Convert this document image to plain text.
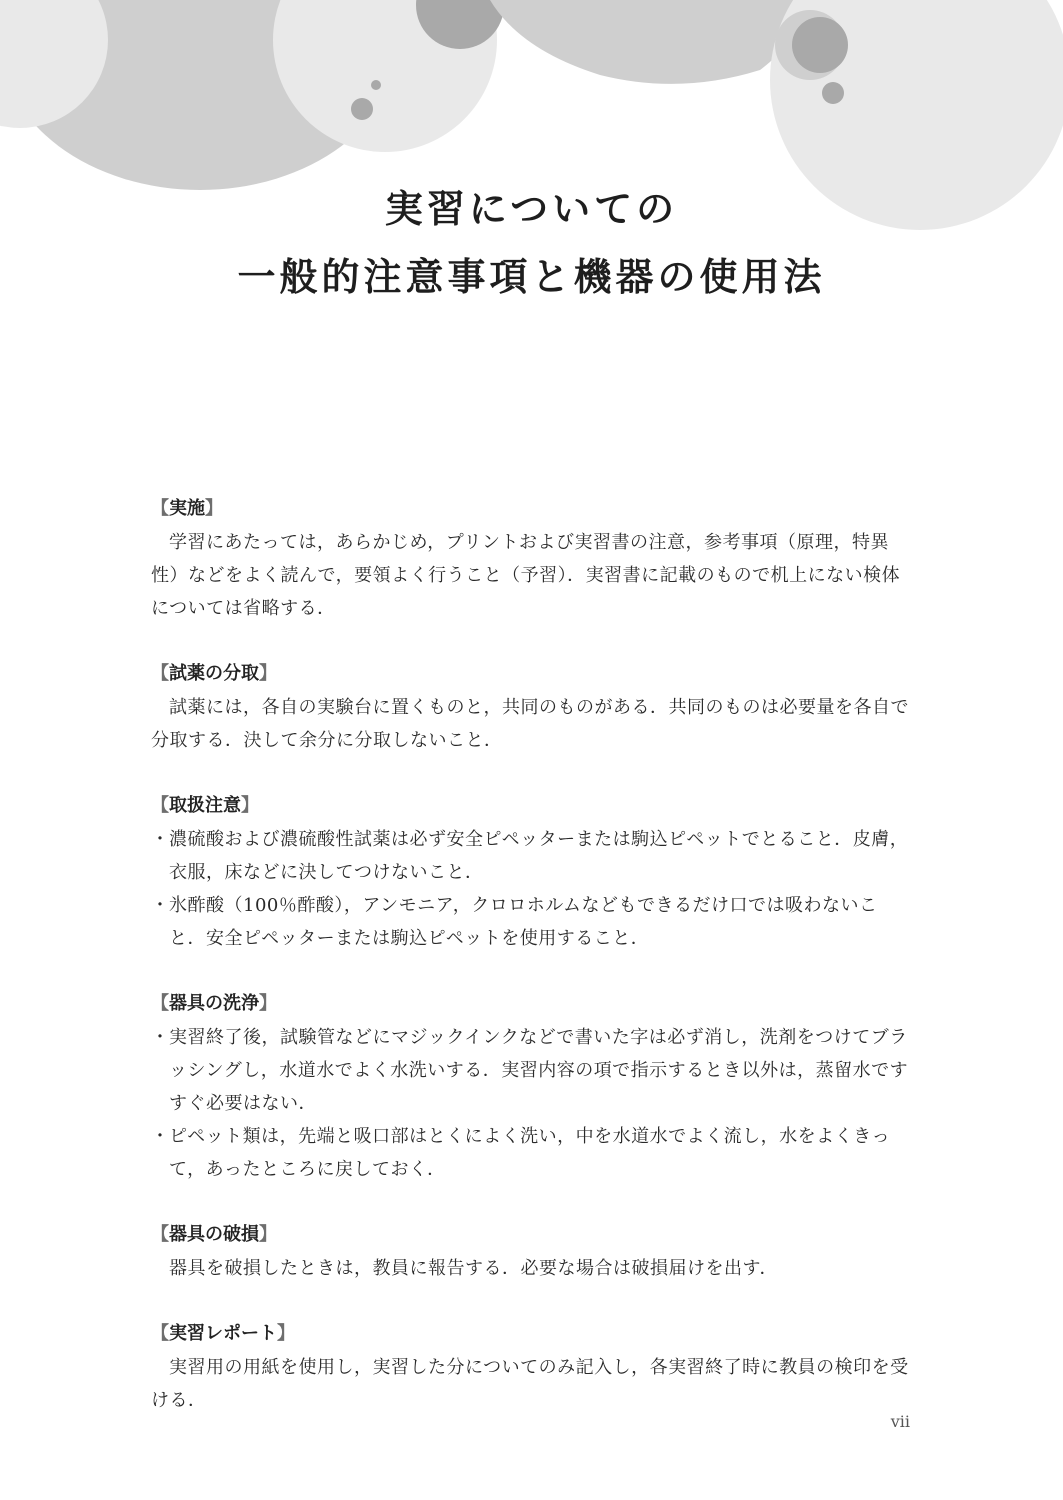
実習についての
一般的注意事項と機器の使用法
【 実施 】

学習にあたっては，あらかじめ，プリントおよび実習書の注意，参考事項（原理，特異性）などをよく読んで，要領よく行うこと（予習）．実習書に記載のもので机上にない検体については省略する．

【 試薬の分取 】

試薬には，各自の実験台に置くものと，共同のものがある．共同のものは必要量を各自で分取する．決して余分に分取しないこと．

【 取扱注意 】
・ 濃硫酸および濃硫酸性試薬は必ず安全ピペッターまたは駒込ピペットでとること．皮膚，衣服，床などに決してつけないこと．
・ 氷酢酸（100％酢酸），アンモニア，クロロホルムなどもできるだけ口では吸わないこと．安全ピペッターまたは駒込ピペットを使用すること．
【 器具の洗浄 】
・ 実習終了後，試験管などにマジックインクなどで書いた字は必ず消し，洗剤をつけてブラッシングし，水道水でよく水洗いする．実習内容の項で指示するとき以外は，蒸留水ですすぐ必要はない．
・ ピペット類は，先端と吸口部はとくによく洗い，中を水道水でよく流し，水をよくきって，あったところに戻しておく．
【 器具の破損 】

器具を破損したときは，教員に報告する．必要な場合は破損届けを出す．

【 実習レポート 】

実習用の用紙を使用し，実習した分についてのみ記入し，各実習終了時に教員の検印を受ける．

vii
